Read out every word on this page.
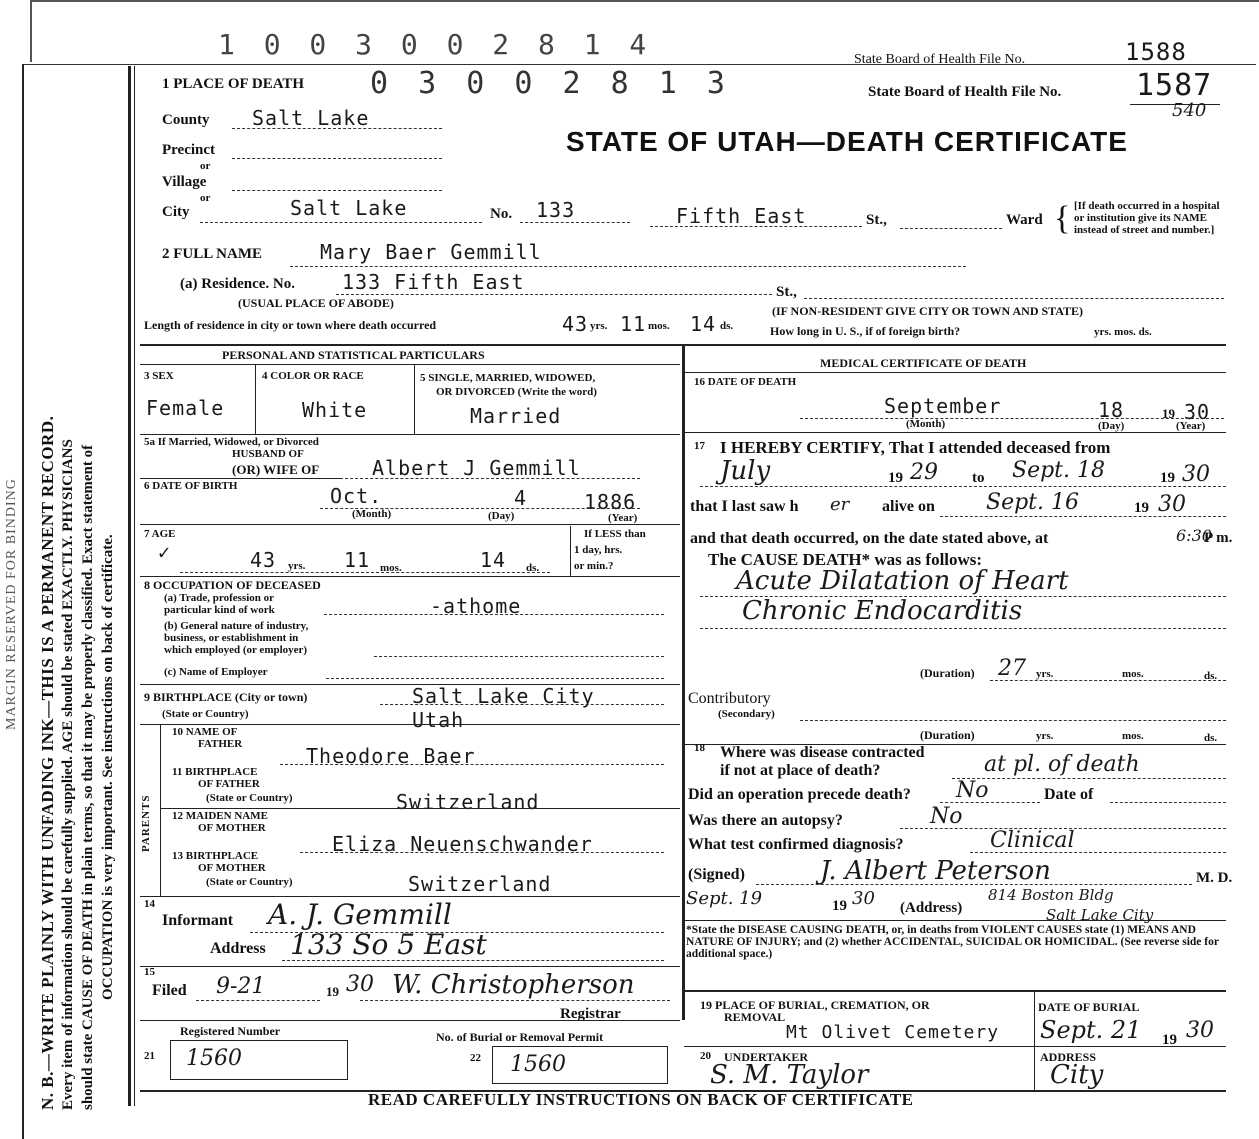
1 0 0 3 0 0 2 8 1 4	State Board of Health File No.	1588
N. B.—WRITE PLAINLY WITH UNFADING INK—THIS IS A PERMANENT RECORD. Every item of information should be carefully supplied. AGE should be stated EXACTLY. PHYSICIANS should state CAUSE OF DEATH in plain terms, so that it may be properly classified. Exact statement of OCCUPATION is very important. See instructions on back of certificate.
MARGIN RESERVED FOR BINDING
1 PLACE OF DEATH 0 3 0 0 2 8 1 3	State Board of Health File No. 1587
540
STATE OF UTAH—DEATH CERTIFICATE
County Salt Lake
Precinct
or
Village
or
City	Salt Lake	No. 133	Fifth East	St.,	Ward { [If death occurred in a hospital or institution give its NAME instead of street and number.]
2 FULL NAME	Mary Baer Gemmill
(a) Residence. No. 133 Fifth East	St.,
(USUAL PLACE OF ABODE)
(IF NON-RESIDENT GIVE CITY OR TOWN AND STATE)
Length of residence in city or town where death occurred	43 yrs. 11 mos. 14 ds.	How long in U. S., if of foreign birth?	yrs. mos. ds.
PERSONAL AND STATISTICAL PARTICULARS
3 SEX
Female
4 COLOR OR RACE
White
5 SINGLE, MARRIED, WIDOWED,
OR DIVORCED (Write the word)
Married
5a If Married, Widowed, or Divorced
HUSBAND OF
(OR) WIFE OF	Albert J Gemmill
6 DATE OF BIRTH	Oct.	4	1886
(Month)	(Day)	(Year)
7 AGE
✓	43 yrs. 11 mos.	14 ds.
If LESS than
1 day, hrs.
or min.?
8 OCCUPATION OF DECEASED
(a) Trade, profession or
particular kind of work	-athome
(b) General nature of industry,
business, or establishment in
which employed (or employer)
(c) Name of Employer
9 BIRTHPLACE (City or town)
(State or Country)
Salt Lake City
Utah
PARENTS
10 NAME OF
FATHER	Theodore Baer
11 BIRTHPLACE
OF FATHER
(State or Country)	Switzerland
12 MAIDEN NAME
OF MOTHER
Eliza Neuenschwander
13 BIRTHPLACE
OF MOTHER
(State or Country)	Switzerland
14
Informant A. J. Gemmill
Address 133 So 5 East
15
Filed 9-21	19 30 W. Christopherson
Registrar
Registered Number	No. of Burial or Removal Permit
21 1560	22 1560
MEDICAL CERTIFICATE OF DEATH
16 DATE OF DEATH
September	18	19 30
(Month)	(Day)	(Year)
17 I HEREBY CERTIFY, That I attended deceased from
July	19 29 to Sept. 18	19 30
that I last saw h er alive on Sept. 16	19 30
and that death occurred, on the date stated above, at	6:30
P m.
The CAUSE DEATH* was as follows:
Acute Dilatation of Heart
Chronic Endocarditis
(Duration) 27 yrs.	mos.	ds.
Contributory
(Secondary)
(Duration)	yrs.	mos.	ds.
18 Where was disease contracted
if not at place of death?	at pl. of death
Did an operation precede death? No	Date of
Was there an autopsy?	No
What test confirmed diagnosis?	Clinical
(Signed)	J. Albert Peterson	M. D.
Sept. 19	19 30 (Address)
814 Boston Bldg
Salt Lake City
*State the DISEASE CAUSING DEATH, or, in deaths from VIOLENT CAUSES state (1) MEANS AND NATURE OF INJURY; and (2) whether ACCIDENTAL, SUICIDAL OR HOMICIDAL. (See reverse side for additional space.)
19 PLACE OF BURIAL, CREMATION, OR
REMOVAL
Mt Olivet Cemetery
DATE OF BURIAL
Sept. 21 19 30
20 UNDERTAKER
S. M. Taylor
ADDRESS
City
READ CAREFULLY INSTRUCTIONS ON BACK OF CERTIFICATE
